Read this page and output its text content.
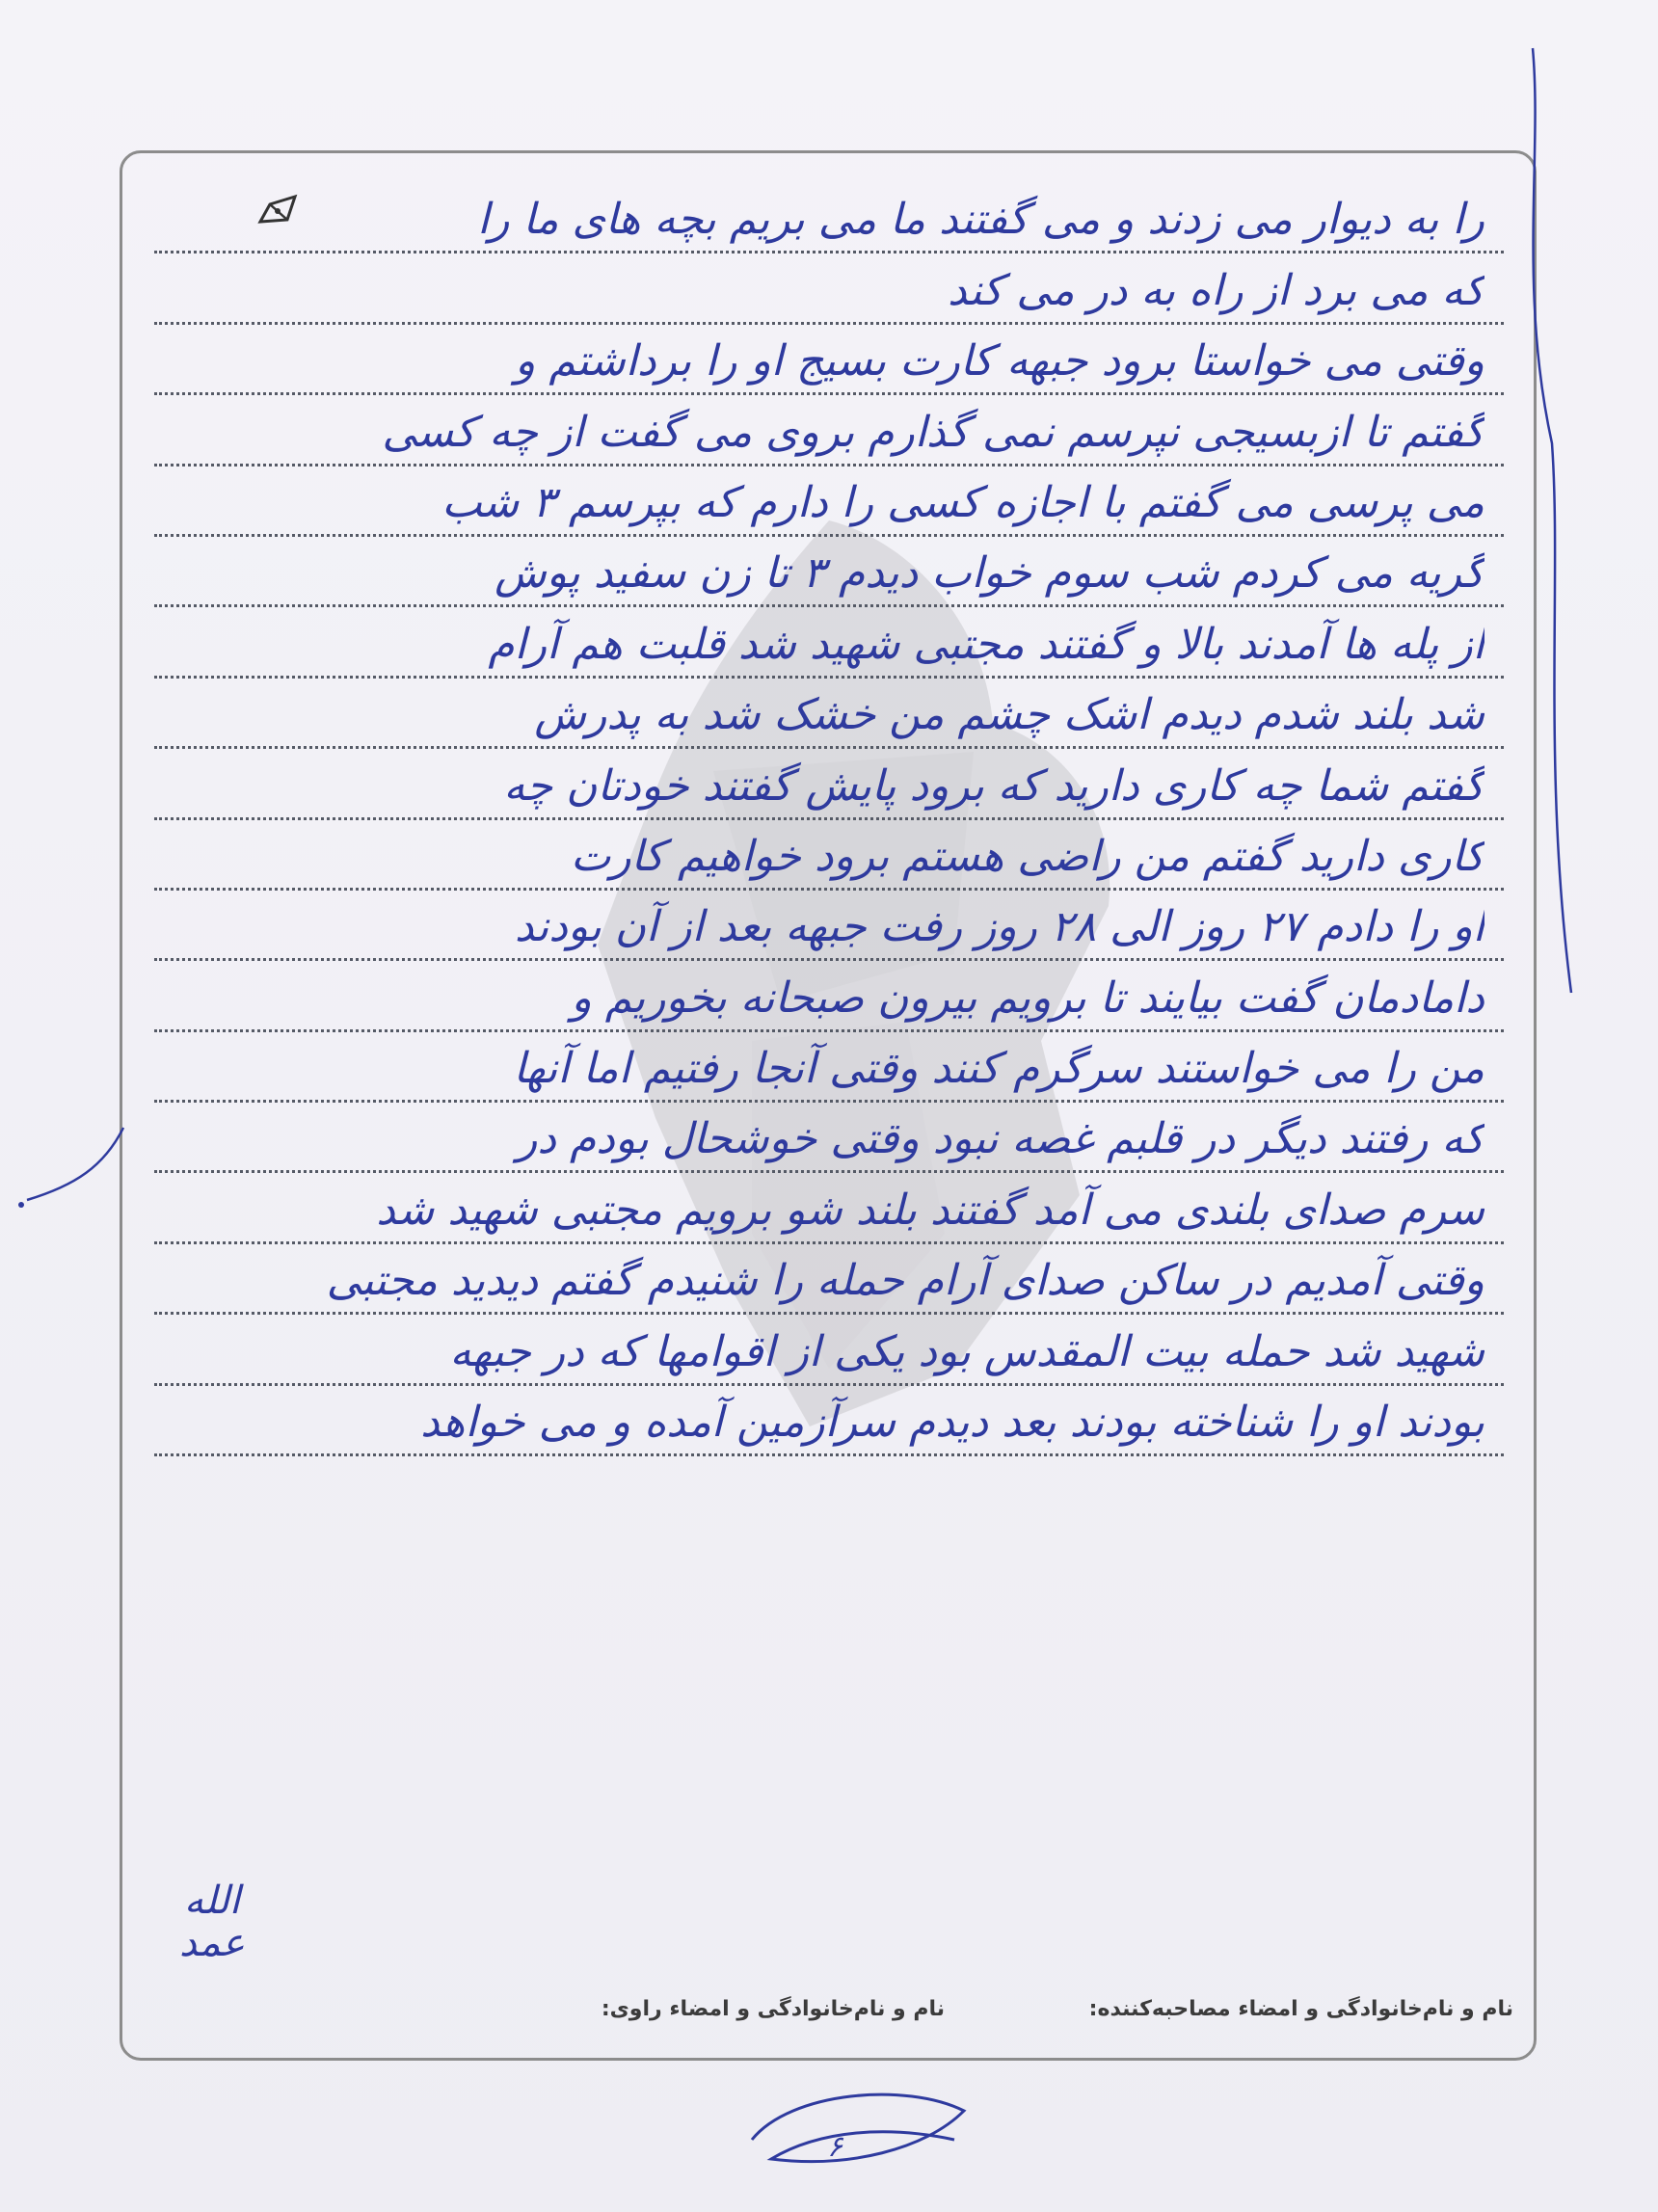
را به دیوار می زدند و می گفتند ما می بریم بچه های ما را
که می برد از راه به در می کند
وقتی می خواستا برود جبهه کارت بسیج او را برداشتم و
گفتم تا ازبسیجی نپرسم نمی گذارم بروی می گفت از چه کسی
می پرسی می گفتم با اجازه کسی را دارم که بپرسم ۳ شب
گریه می کردم شب سوم خواب دیدم ۳ تا زن سفید پوش
از پله ها آمدند بالا و گفتند مجتبی شهید شد قلبت هم آرام
شد بلند شدم دیدم اشک چشم من خشک شد به پدرش
گفتم شما چه کاری دارید که برود پایش گفتند خودتان چه
کاری دارید گفتم من راضی هستم برود خواهیم کارت
او را دادم ۲۷ روز الی ۲۸ روز رفت جبهه بعد از آن بودند
دامادمان گفت بیایند تا برویم بیرون صبحانه بخوریم و
من را می خواستند سرگرم کنند وقتی آنجا رفتیم اما آنها
که رفتند دیگر در قلبم غصه نبود وقتی خوشحال بودم در
سرم صدای بلندی می آمد گفتند بلند شو برویم مجتبی شهید شد
وقتی آمدیم در ساکن صدای آرام حمله را شنیدم گفتم دیدید مجتبی
شهید شد حمله بیت المقدس بود یکی از اقوامها که در جبهه
بودند او را شناخته بودند بعد دیدم سرآزمین آمده و می خواهد
الله
عمد
نام و نام‌خانوادگی و امضاء مصاحبه‌کننده:
نام و نام‌خانوادگی و امضاء راوی:
۶
